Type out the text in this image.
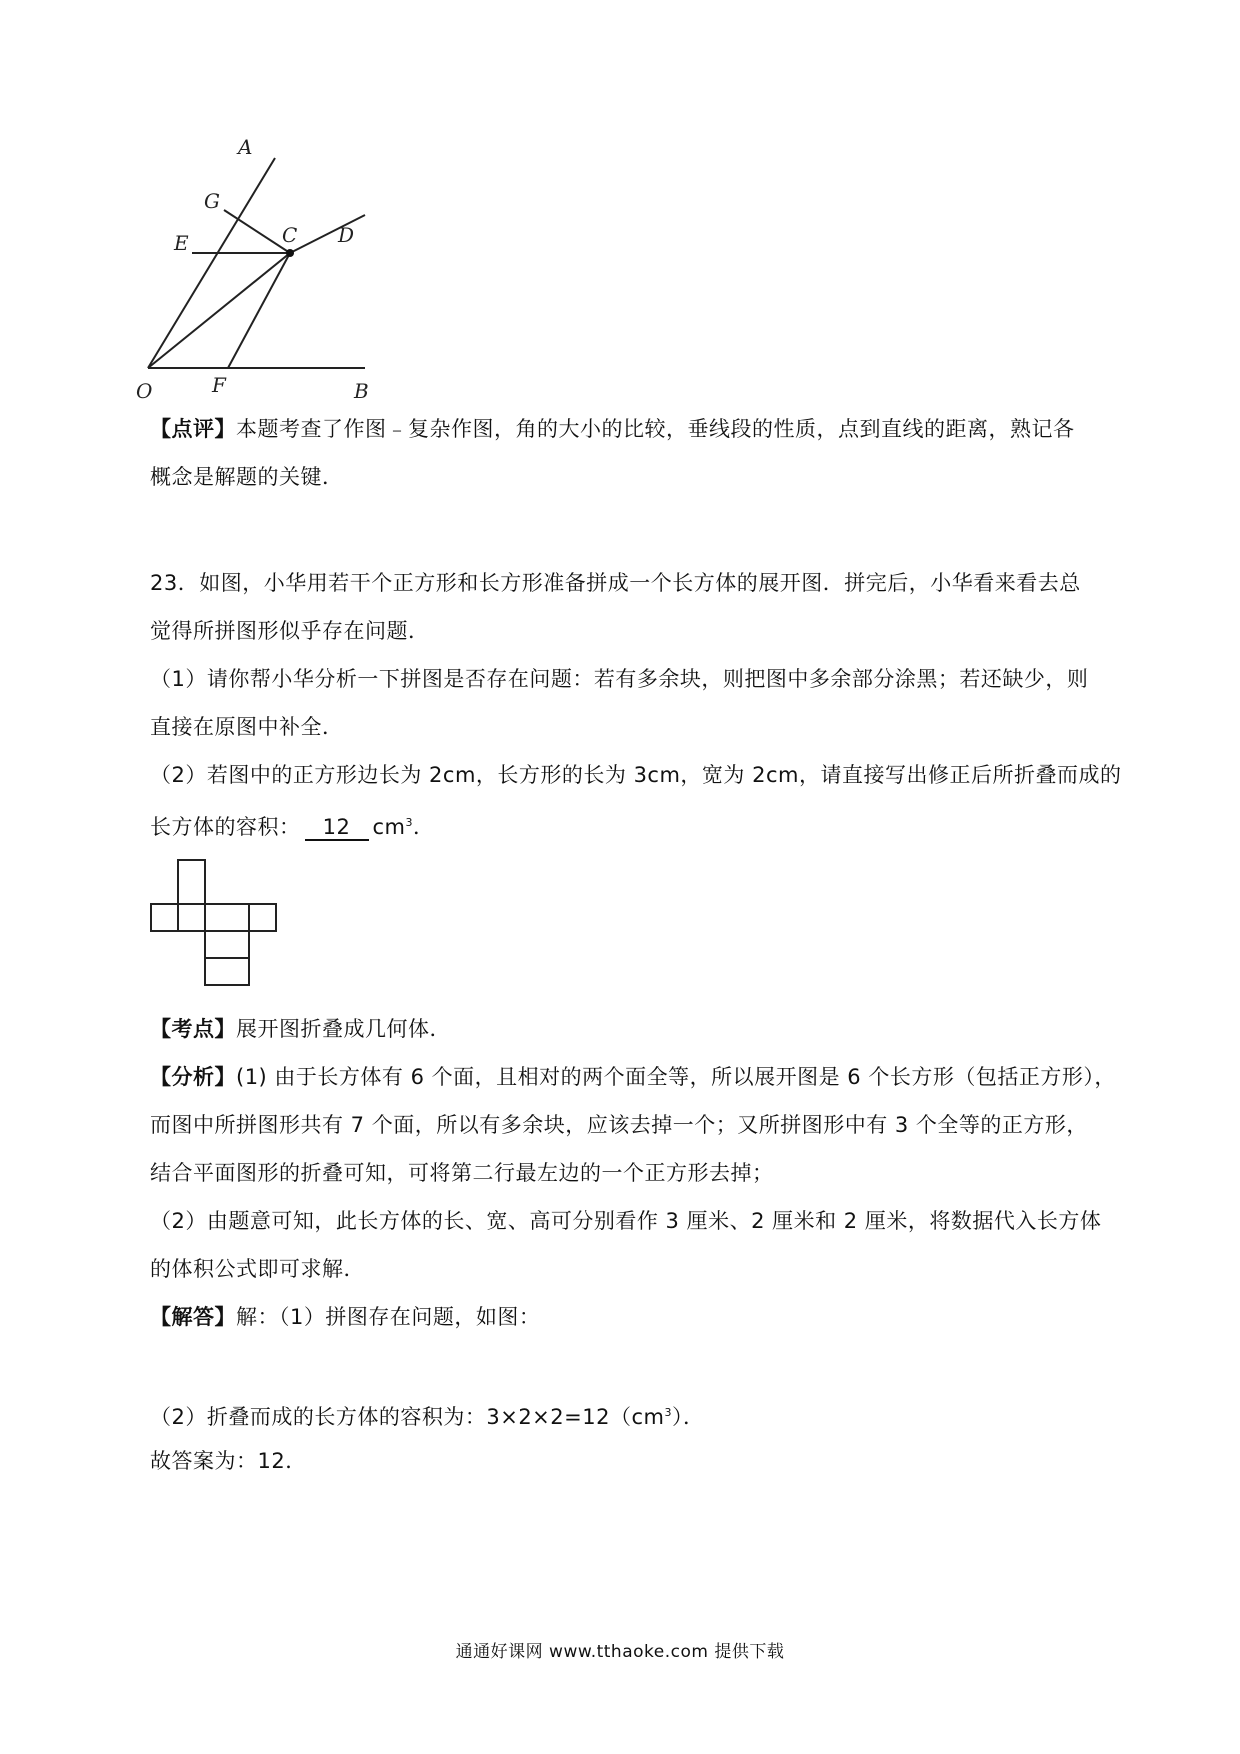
A
G
E	C D
O	F	B
【点评】本题考查了作图﹣复杂作图，角的大小的比较，垂线段的性质，点到直线的距离，熟记各
概念是解题的关键．
23．如图，小华用若干个正方形和长方形准备拼成一个长方体的展开图．拼完后，小华看来看去总
觉得所拼图形似乎存在问题．
（1）请你帮小华分析一下拼图是否存在问题：若有多余块，则把图中多余部分涂黑；若还缺少，则
直接在原图中补全．
（2）若图中的正方形边长为 2cm，长方形的长为 3cm，宽为 2cm，请直接写出修正后所折叠而成的
长方体的容积： 12 $cm^3$．
【考点】展开图折叠成几何体．
【分析】(1) 由于长方体有 6 个面，且相对的两个面全等，所以展开图是 6 个长方形（包括正方形），
而图中所拼图形共有 7 个面，所以有多余块，应该去掉一个；又所拼图形中有 3 个全等的正方形，
结合平面图形的折叠可知，可将第二行最左边的一个正方形去掉；
（2）由题意可知，此长方体的长、宽、高可分别看作 3 厘米、2 厘米和 2 厘米，将数据代入长方体
的体积公式即可求解．
【解答】解：（1）拼图存在问题，如图：
（2）折叠而成的长方体的容积为：$3\times 2\times 2=12(cm^3)$．
故答案为：12．
通通好课网 www.tthaoke.com 提供下载
